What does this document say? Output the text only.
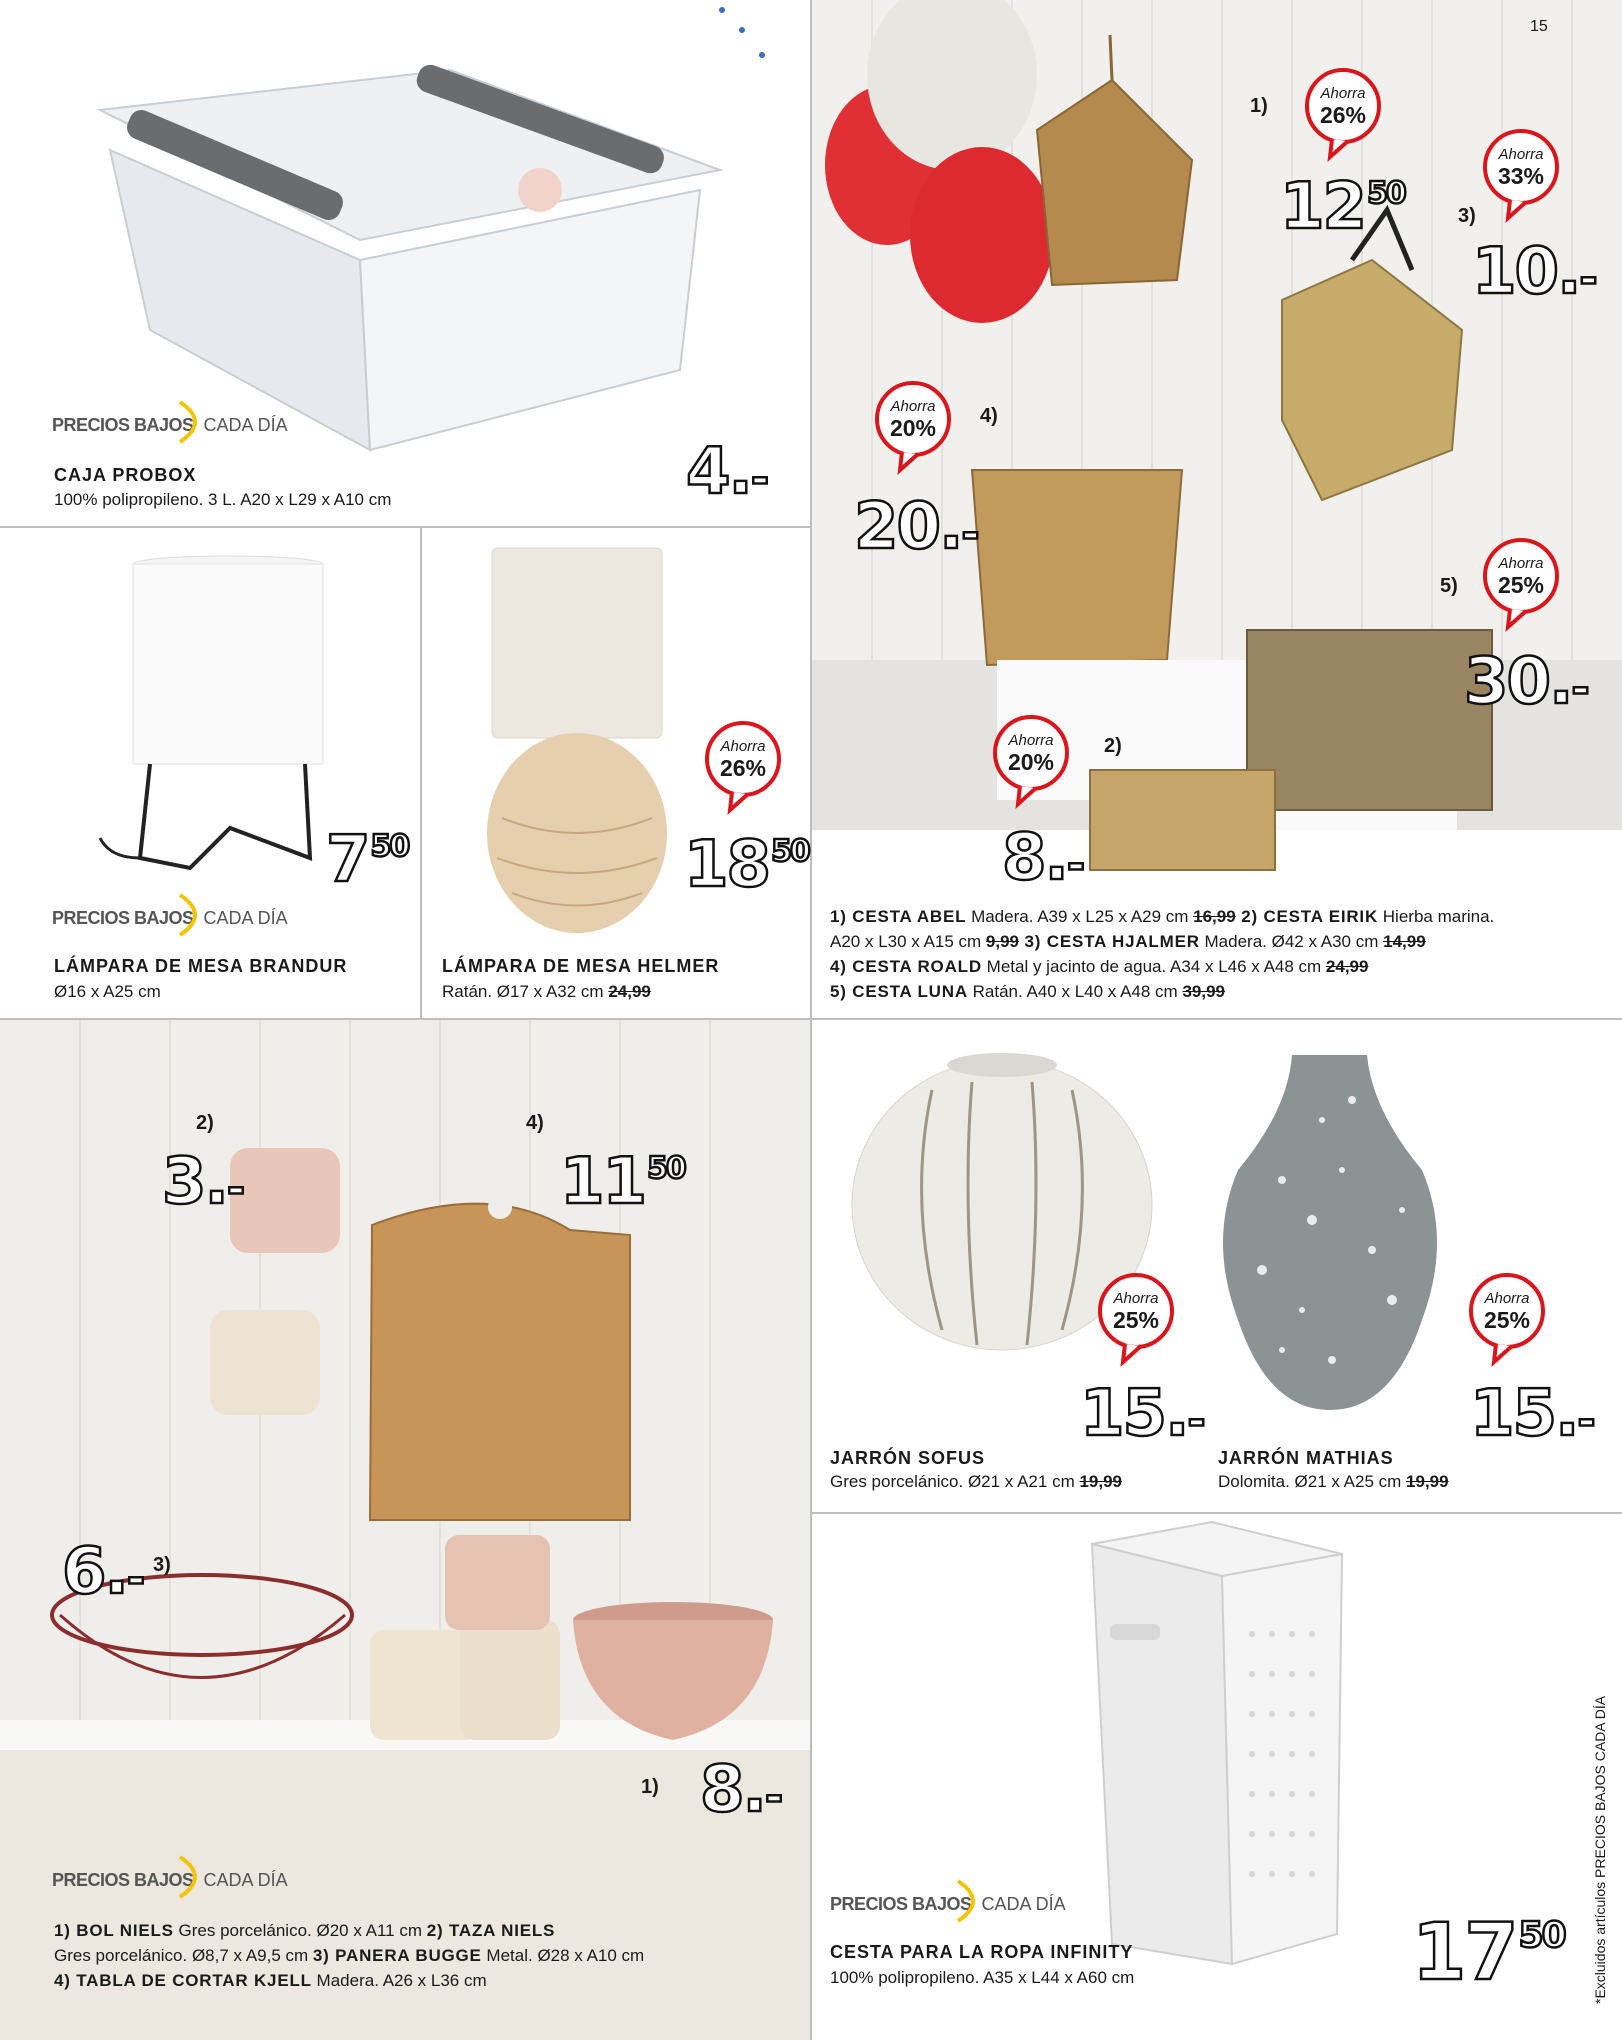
PRECIOS BAJOS CADA DÍA
CAJA PROBOX
100% polipropileno. 3 L. A20 x L29 x A10 cm	4.-
750
PRECIOS BAJOS CADA DÍA
LÁMPARA DE MESA BRANDUR
Ø16 x A25 cm
Ahorra
26%
1850
LÁMPARA DE MESA HELMER
Ratán. Ø17 x A32 cm 24,99
15
1)
Ahorra
26%
1250
3)
Ahorra
33%
10.-
4)
Ahorra
20%
20.-
5)
Ahorra
25%
30.-
2)
Ahorra
20%
8.-
1) CESTA ABEL Madera. A39 x L25 x A29 cm 16,99 2) CESTA EIRIK Hierba marina.
A20 x L30 x A15 cm 9,99 3) CESTA HJALMER Madera. Ø42 x A30 cm 14,99
4) CESTA ROALD Metal y jacinto de agua. A34 x L46 x A48 cm 24,99
5) CESTA LUNA Ratán. A40 x L40 x A48 cm 39,99
2)
3.-
4)
1150
6.- 3)
1) 8.-
PRECIOS BAJOS CADA DÍA
1) BOL NIELS Gres porcelánico. Ø20 x A11 cm 2) TAZA NIELS
Gres porcelánico. Ø8,7 x A9,5 cm 3) PANERA BUGGE Metal. Ø28 x A10 cm
4) TABLA DE CORTAR KJELL Madera. A26 x L36 cm
Ahorra
25%
15.-
JARRÓN SOFUS
Gres porcelánico. Ø21 x A21 cm 19,99
Ahorra
25%
15.-
JARRÓN MATHIAS
Dolomita. Ø21 x A25 cm 19,99
PRECIOS BAJOS CADA DÍA
CESTA PARA LA ROPA INFINITY
100% polipropileno. A35 x L44 x A60 cm	1750 *Excluidos artículos PRECIOS BAJOS CADA DÍA
